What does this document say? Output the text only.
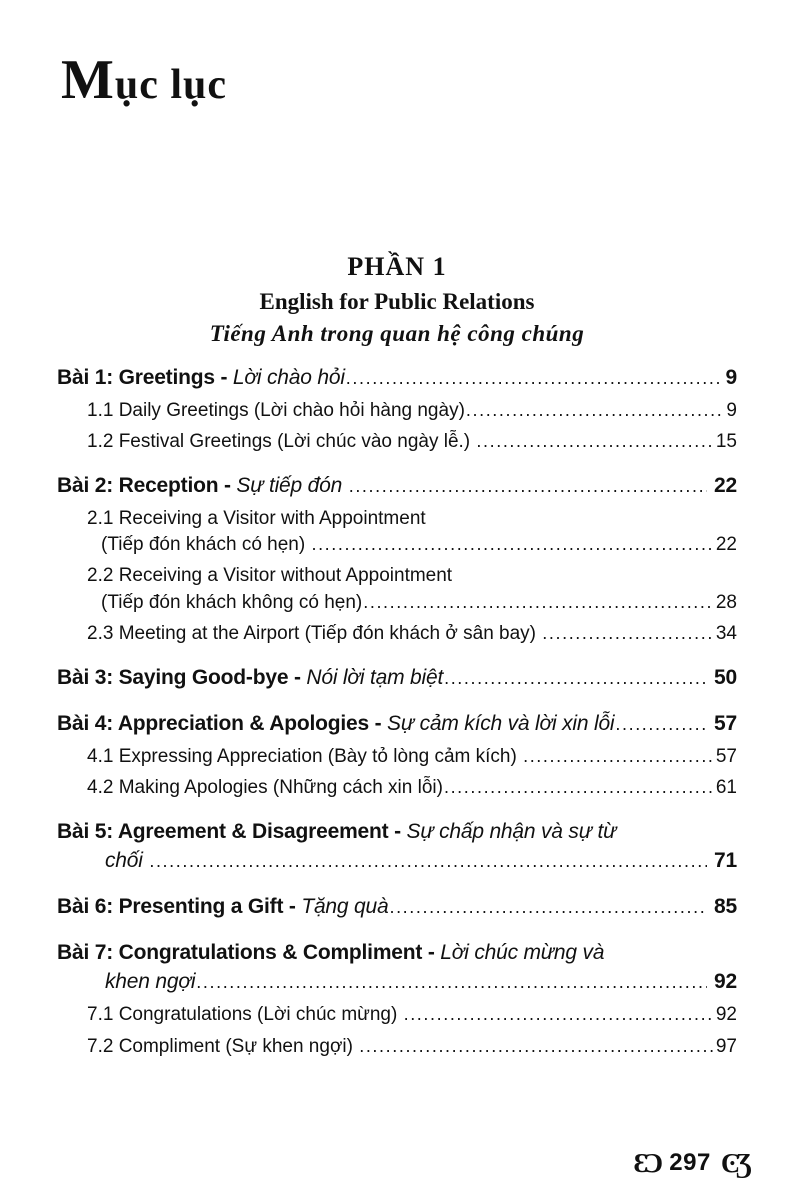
Mục lục
PHẦN 1
English for Public Relations
Tiếng Anh trong quan hệ công chúng
Bài 1: Greetings - Lời chào hỏi .....	9
1.1 Daily Greetings (Lời chào hỏi hàng ngày) .....	9
1.2 Festival Greetings (Lời chúc vào ngày lễ.) .....	15
Bài 2: Reception - Sự tiếp đón .....	22
2.1 Receiving a Visitor with Appointment
(Tiếp đón khách có hẹn) .....	22
2.2 Receiving a Visitor without Appointment
(Tiếp đón khách không có hẹn) .....	28
2.3 Meeting at the Airport (Tiếp đón khách ở sân bay) .....	34
Bài 3: Saying Good-bye - Nói lời tạm biệt .....	50
Bài 4: Appreciation & Apologies - Sự cảm kích và lời xin lỗi .....	57
4.1 Expressing Appreciation (Bày tỏ lòng cảm kích) .....	57
4.2 Making Apologies (Những cách xin lỗi) .....	61
Bài 5: Agreement & Disagreement - Sự chấp nhận và sự từ
chối .....	71
Bài 6: Presenting a Gift - Tặng quà .....	85
Bài 7: Congratulations & Compliment - Lời chúc mừng và
khen ngợi .....	92
7.1 Congratulations (Lời chúc mừng) .....	92
7.2 Compliment (Sự khen ngợi) .....	97
ƐϽ 297 ϾƷ
